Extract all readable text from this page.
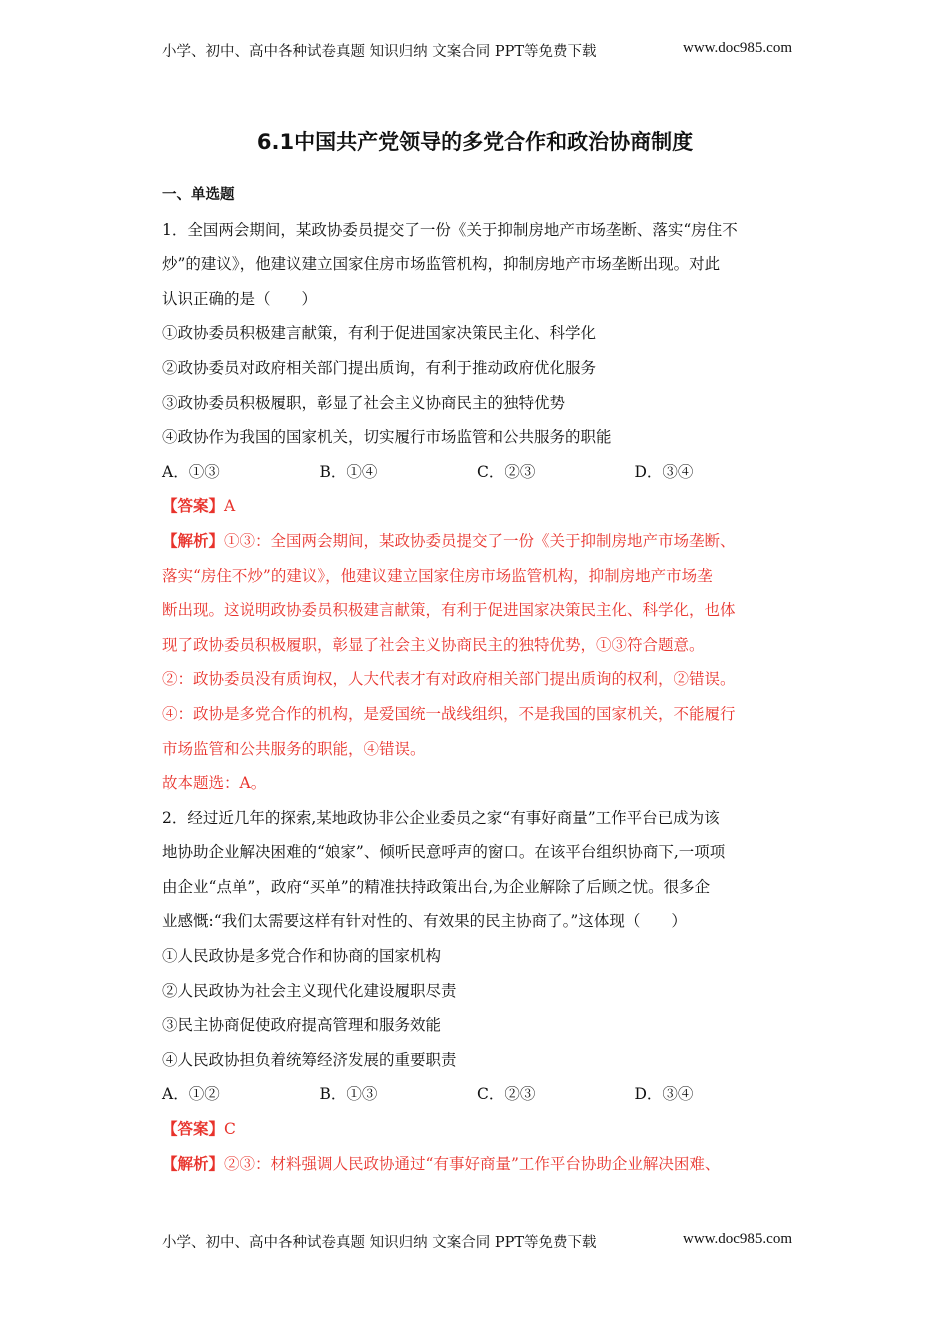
小学、初中、高中各种试卷真题 知识归纳 文案合同 PPT等免费下载	www.doc985.com
6.1中国共产党领导的多党合作和政治协商制度
一、单选题
1．全国两会期间，某政协委员提交了一份《关于抑制房地产市场垄断、落实“房住不
炒”的建议》，他建议建立国家住房市场监管机构，抑制房地产市场垄断出现。对此
认识正确的是（　　）
①政协委员积极建言献策，有利于促进国家决策民主化、科学化
②政协委员对政府相关部门提出质询，有利于推动政府优化服务
③政协委员积极履职，彰显了社会主义协商民主的独特优势
④政协作为我国的国家机关，切实履行市场监管和公共服务的职能
A．①③	B．①④	C．②③	D．③④
【答案】A
【解析】①③：全国两会期间，某政协委员提交了一份《关于抑制房地产市场垄断、
落实“房住不炒”的建议》，他建议建立国家住房市场监管机构，抑制房地产市场垄
断出现。这说明政协委员积极建言献策，有利于促进国家决策民主化、科学化，也体
现了政协委员积极履职，彰显了社会主义协商民主的独特优势，①③符合题意。
②：政协委员没有质询权，人大代表才有对政府相关部门提出质询的权利，②错误。
④：政协是多党合作的机构，是爱国统一战线组织，不是我国的国家机关，不能履行
市场监管和公共服务的职能，④错误。
故本题选：A。
2．经过近几年的探索,某地政协非公企业委员之家“有事好商量”工作平台已成为该
地协助企业解决困难的“娘家”、倾听民意呼声的窗口。在该平台组织协商下,一项项
由企业“点单”，政府“买单”的精准扶持政策出台,为企业解除了后顾之忧。很多企
业感慨:“我们太需要这样有针对性的、有效果的民主协商了。”这体现（　　）
①人民政协是多党合作和协商的国家机构
②人民政协为社会主义现代化建设履职尽责
③民主协商促使政府提高管理和服务效能
④人民政协担负着统筹经济发展的重要职责
A．①②	B．①③	C．②③	D．③④
【答案】C
【解析】②③：材料强调人民政协通过“有事好商量”工作平台协助企业解决困难、
小学、初中、高中各种试卷真题 知识归纳 文案合同 PPT等免费下载	www.doc985.com
